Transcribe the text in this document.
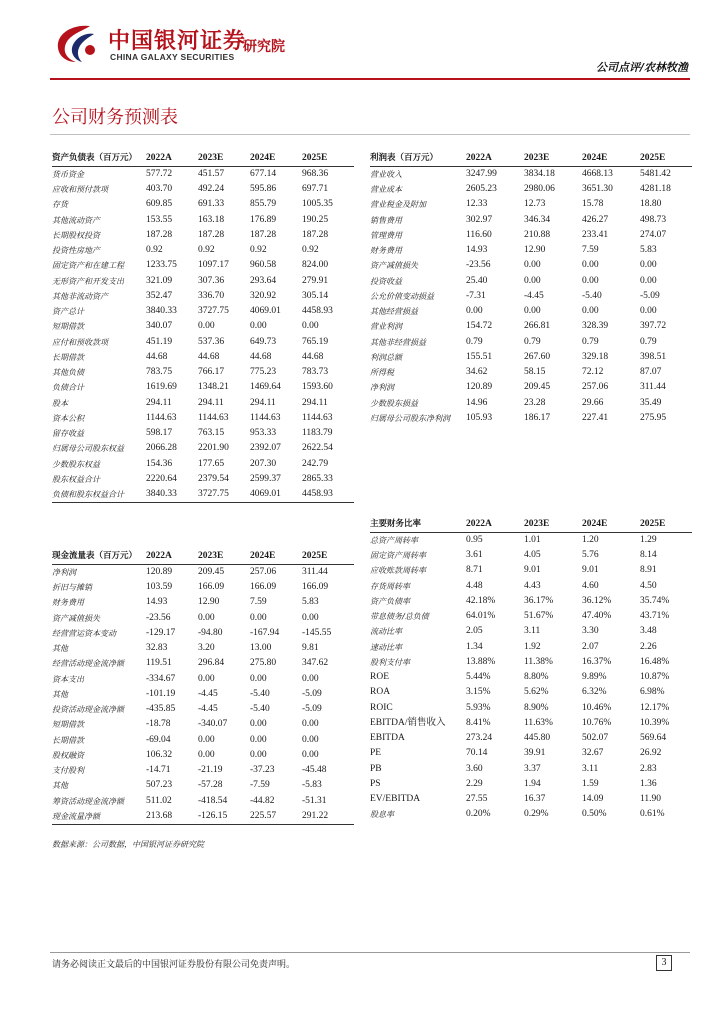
中国银河证券
CHINA GALAXY SECURITIES
研究院
公司点评/农林牧渔
公司财务预测表
资产负债表（百万元）	2022A	2023E	2024E	2025E
货币资金	577.72	451.57	677.14	968.36
应收和预付款项	403.70	492.24	595.86	697.71
存货	609.85	691.33	855.79	1005.35
其他流动资产	153.55	163.18	176.89	190.25
长期股权投资	187.28	187.28	187.28	187.28
投资性房地产	0.92	0.92	0.92	0.92
固定资产和在建工程	1233.75	1097.17	960.58	824.00
无形资产和开发支出	321.09	307.36	293.64	279.91
其他非流动资产	352.47	336.70	320.92	305.14
资产总计	3840.33	3727.75	4069.01	4458.93
短期借款	340.07	0.00	0.00	0.00
应付和预收款项	451.19	537.36	649.73	765.19
长期借款	44.68	44.68	44.68	44.68
其他负债	783.75	766.17	775.23	783.73
负债合计	1619.69	1348.21	1469.64	1593.60
股本	294.11	294.11	294.11	294.11
资本公积	1144.63	1144.63	1144.63	1144.63
留存收益	598.17	763.15	953.33	1183.79
归属母公司股东权益	2066.28	2201.90	2392.07	2622.54
少数股东权益	154.36	177.65	207.30	242.79
股东权益合计	2220.64	2379.54	2599.37	2865.33
负债和股东权益合计	3840.33	3727.75	4069.01	4458.93
利润表（百万元）	2022A	2023E	2024E	2025E
营业收入	3247.99	3834.18	4668.13	5481.42
营业成本	2605.23	2980.06	3651.30	4281.18
营业税金及附加	12.33	12.73	15.78	18.80
销售费用	302.97	346.34	426.27	498.73
管理费用	116.60	210.88	233.41	274.07
财务费用	14.93	12.90	7.59	5.83
资产减值损失	-23.56	0.00	0.00	0.00
投资收益	25.40	0.00	0.00	0.00
公允价值变动损益	-7.31	-4.45	-5.40	-5.09
其他经营损益	0.00	0.00	0.00	0.00
营业利润	154.72	266.81	328.39	397.72
其他非经营损益	0.79	0.79	0.79	0.79
利润总额	155.51	267.60	329.18	398.51
所得税	34.62	58.15	72.12	87.07
净利润	120.89	209.45	257.06	311.44
少数股东损益	14.96	23.28	29.66	35.49
归属母公司股东净利润	105.93	186.17	227.41	275.95
主要财务比率	2022A	2023E	2024E	2025E
总资产周转率	0.95	1.01	1.20	1.29
固定资产周转率	3.61	4.05	5.76	8.14
应收账款周转率	8.71	9.01	9.01	8.91
存货周转率	4.48	4.43	4.60	4.50
资产负债率	42.18%	36.17%	36.12%	35.74%
带息债务/总负债	64.01%	51.67%	47.40%	43.71%
流动比率	2.05	3.11	3.30	3.48
速动比率	1.34	1.92	2.07	2.26
股利支付率	13.88%	11.38%	16.37%	16.48%
ROE	5.44%	8.80%	9.89%	10.87%
ROA	3.15%	5.62%	6.32%	6.98%
ROIC	5.93%	8.90%	10.46%	12.17%
EBITDA/销售收入	8.41%	11.63%	10.76%	10.39%
EBITDA	273.24	445.80	502.07	569.64
PE	70.14	39.91	32.67	26.92
PB	3.60	3.37	3.11	2.83
PS	2.29	1.94	1.59	1.36
EV/EBITDA	27.55	16.37	14.09	11.90
股息率	0.20%	0.29%	0.50%	0.61%
现金流量表（百万元）	2022A	2023E	2024E	2025E
净利润	120.89	209.45	257.06	311.44
折旧与摊销	103.59	166.09	166.09	166.09
财务费用	14.93	12.90	7.59	5.83
资产减值损失	-23.56	0.00	0.00	0.00
经营营运资本变动	-129.17	-94.80	-167.94	-145.55
其他	32.83	3.20	13.00	9.81
经营活动现金流净额	119.51	296.84	275.80	347.62
资本支出	-334.67	0.00	0.00	0.00
其他	-101.19	-4.45	-5.40	-5.09
投资活动现金流净额	-435.85	-4.45	-5.40	-5.09
短期借款	-18.78	-340.07	0.00	0.00
长期借款	-69.04	0.00	0.00	0.00
股权融资	106.32	0.00	0.00	0.00
支付股利	-14.71	-21.19	-37.23	-45.48
其他	507.23	-57.28	-7.59	-5.83
筹资活动现金流净额	511.02	-418.54	-44.82	-51.31
现金流量净额	213.68	-126.15	225.57	291.22
数据来源：公司数据，中国银河证券研究院
请务必阅读正文最后的中国银河证券股份有限公司免责声明。	3
